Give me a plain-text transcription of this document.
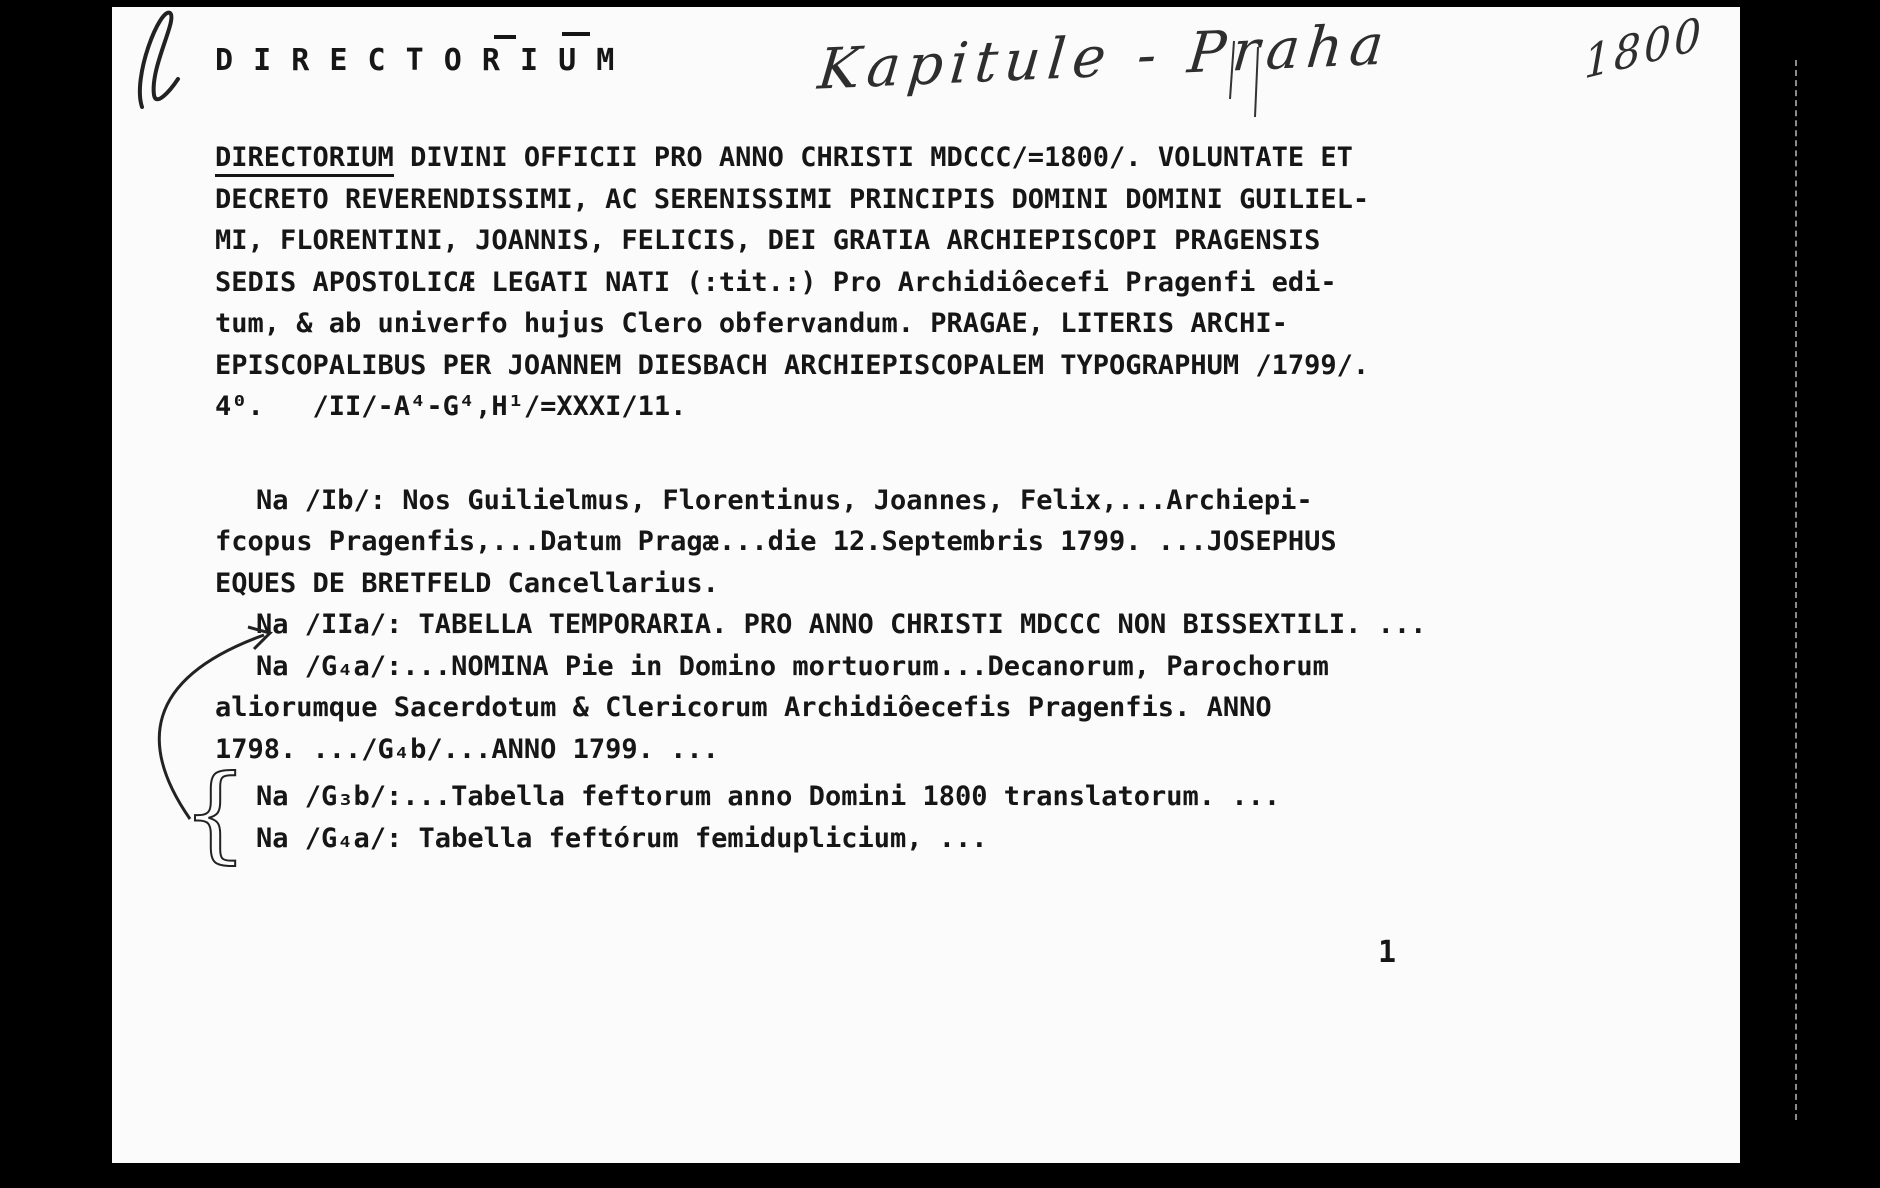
D I R E C T O R I U M	Kapitule - Praha	1800
DIRECTORIUM DIVINI OFFICII PRO ANNO CHRISTI MDCCC/=1800/. VOLUNTATE ET
DECRETO REVERENDISSIMI, AC SERENISSIMI PRINCIPIS DOMINI DOMINI GUILIEL-
MI, FLORENTINI, JOANNIS, FELICIS, DEI GRATIA ARCHIEPISCOPI PRAGENSIS
SEDIS APOSTOLICÆ LEGATI NATI (:tit.:) Pro Archidiôecefi Pragenfi edi-
tum, & ab univerfo hujus Clero obfervandum. PRAGAE, LITERIS ARCHI-
EPISCOPALIBUS PER JOANNEM DIESBACH ARCHIEPISCOPALEM TYPOGRAPHUM /1799/.
4⁰.   /II/-A⁴-G⁴,H¹/=XXXI/11.
Na /Ib/: Nos Guilielmus, Florentinus, Joannes, Felix,...Archiepi-
fcopus Pragenfis,...Datum Pragæ...die 12.Septembris 1799. ...JOSEPHUS
EQUES DE BRETFELD Cancellarius.
Na /IIa/: TABELLA TEMPORARIA. PRO ANNO CHRISTI MDCCC NON BISSEXTILI. ...
Na /G₄a/:...NOMINA Pie in Domino mortuorum...Decanorum, Parochorum
aliorumque Sacerdotum & Clericorum Archidiôecefis Pragenfis. ANNO
1798. .../G₄b/...ANNO 1799. ...
Na /G₃b/:...Tabella feftorum anno Domini 1800 translatorum. ...
Na /G₄a/: Tabella feftórum femiduplicium, ...
1
{
